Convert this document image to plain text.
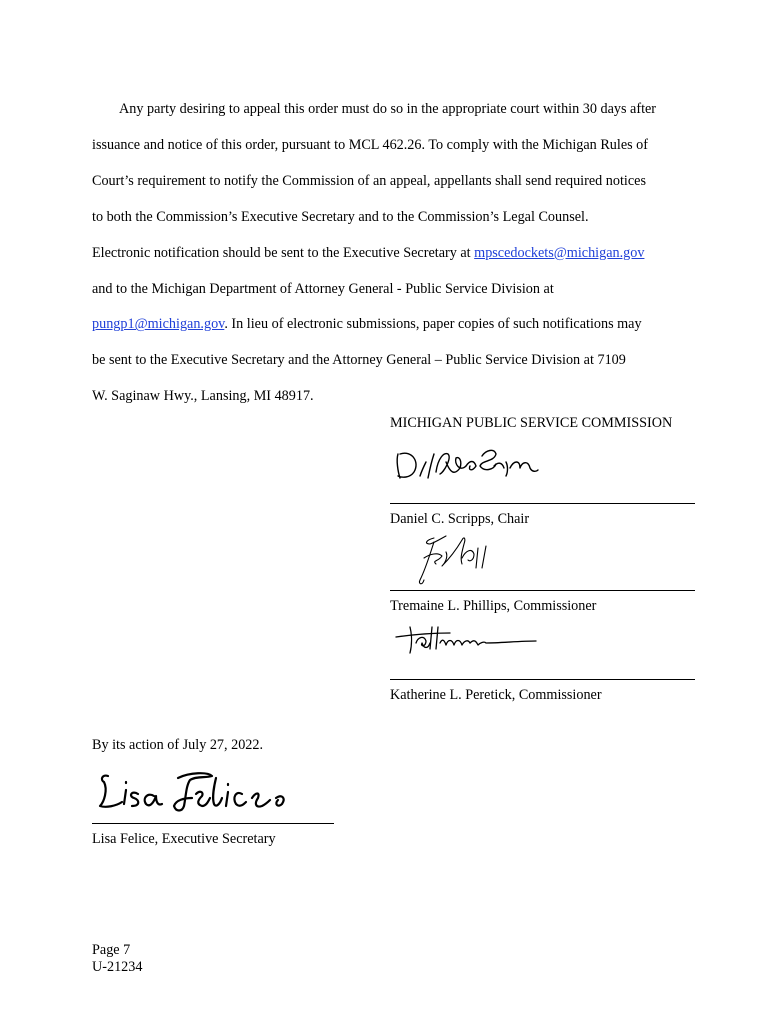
Any party desiring to appeal this order must do so in the appropriate court within 30 days after
issuance and notice of this order, pursuant to MCL 462.26. To comply with the Michigan Rules of
Court’s requirement to notify the Commission of an appeal, appellants shall send required notices
to both the Commission’s Executive Secretary and to the Commission’s Legal Counsel.
Electronic notification should be sent to the Executive Secretary at mpscedockets@michigan.gov
and to the Michigan Department of Attorney General - Public Service Division at
pungp1@michigan.gov. In lieu of electronic submissions, paper copies of such notifications may
be sent to the Executive Secretary and the Attorney General – Public Service Division at 7109
W. Saginaw Hwy., Lansing, MI 48917.
MICHIGAN PUBLIC SERVICE COMMISSION
Daniel C. Scripps, Chair
Tremaine L. Phillips, Commissioner
Katherine L. Peretick, Commissioner
By its action of July 27, 2022.
Lisa Felice, Executive Secretary
Page 7
U-21234
